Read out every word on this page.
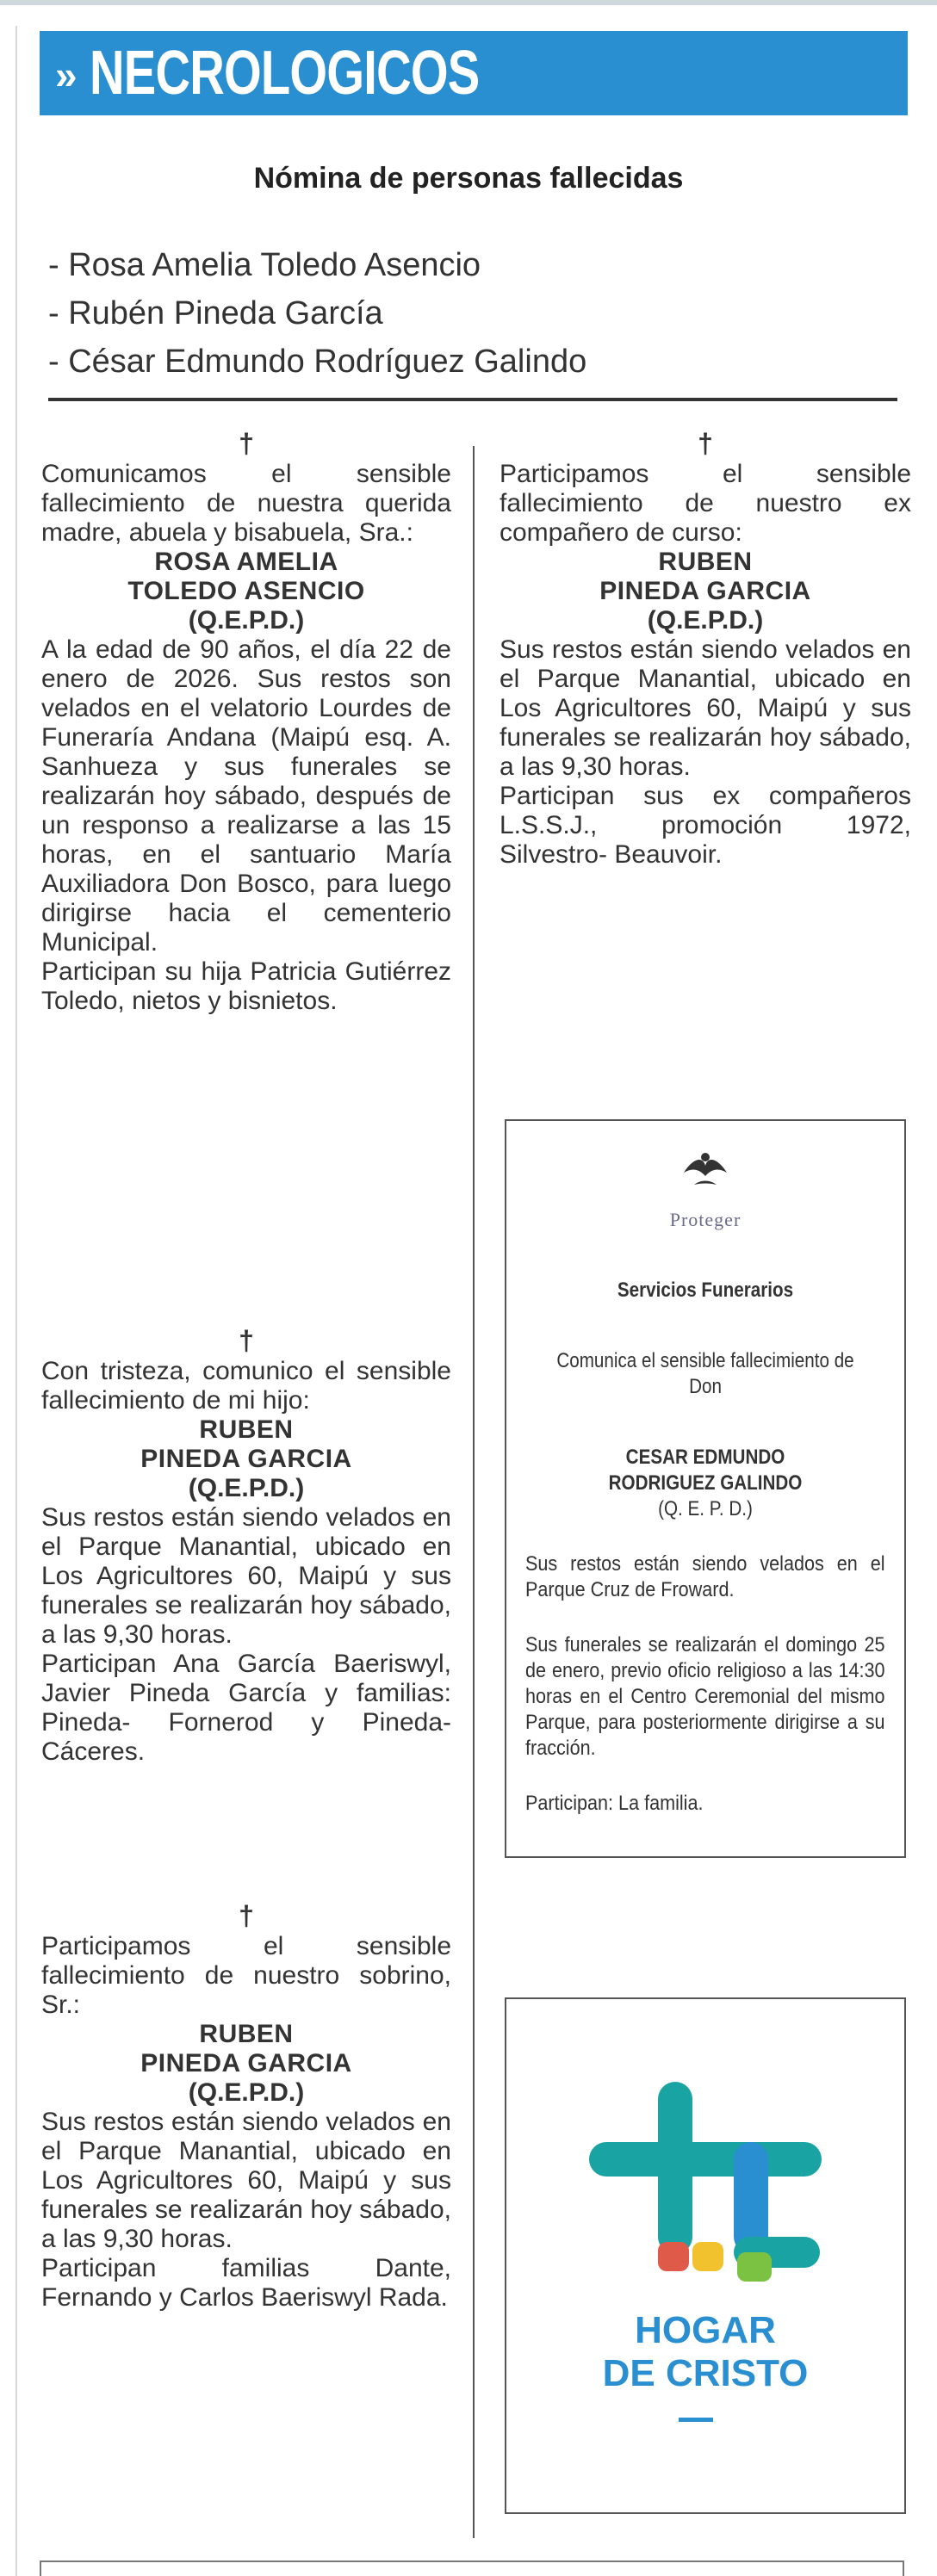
» NECROLOGICOS
Nómina de personas fallecidas
- Rosa Amelia Toledo Asencio
- Rubén Pineda García
- César Edmundo Rodríguez Galindo
†

Comunicamos el sensible fallecimiento de nuestra querida madre, abuela y bisabuela, Sra.:

ROSA AMELIA
TOLEDO ASENCIO
(Q.E.P.D.)

A la edad de 90 años, el día 22 de enero de 2026. Sus restos son velados en el velatorio Lourdes de Funeraría Andana (Maipú esq. A. Sanhueza y sus funerales se realizarán hoy sábado, después de un responso a realizarse a las 15 horas, en el santuario María Auxiliadora Don Bosco, para luego dirigirse hacia el cementerio Municipal.

Participan su hija Patricia Gutiérrez Toledo, nietos y bisnietos.

†

Con tristeza, comunico el sensible fallecimiento de mi hijo:

RUBEN
PINEDA GARCIA
(Q.E.P.D.)

Sus restos están siendo velados en el Parque Manantial, ubicado en Los Agricultores 60, Maipú y sus funerales se realizarán hoy sábado, a las 9,30 horas.

Participan Ana García Baeriswyl, Javier Pineda García y familias: Pineda- Fornerod y Pineda- Cáceres.

†

Participamos el sensible fallecimiento de nuestro sobrino, Sr.:

RUBEN
PINEDA GARCIA
(Q.E.P.D.)

Sus restos están siendo velados en el Parque Manantial, ubicado en Los Agricultores 60, Maipú y sus funerales se realizarán hoy sábado, a las 9,30 horas.

Participan familias Dante, Fernando y Carlos Baeriswyl Rada.

†

Participamos el sensible fallecimiento de nuestro ex compañero de curso:

RUBEN
PINEDA GARCIA
(Q.E.P.D.)

Sus restos están siendo velados en el Parque Manantial, ubicado en Los Agricultores 60, Maipú y sus funerales se realizarán hoy sábado, a las 9,30 horas.

Participan sus ex compañeros L.S.S.J., promoción 1972, Silvestro- Beauvoir.

Proteger
Servicios Funerarios
Comunica el sensible fallecimiento de Don
CESAR EDMUNDO
RODRIGUEZ GALINDO
(Q. E. P. D.)

Sus restos están siendo velados en el Parque Cruz de Froward.

Sus funerales se realizarán el domingo 25 de enero, previo oficio religioso a las 14:30 horas en el Centro Ceremonial del mismo Parque, para posteriormente dirigirse a su fracción.

Participan: La familia.

HOGAR
DE CRISTO
